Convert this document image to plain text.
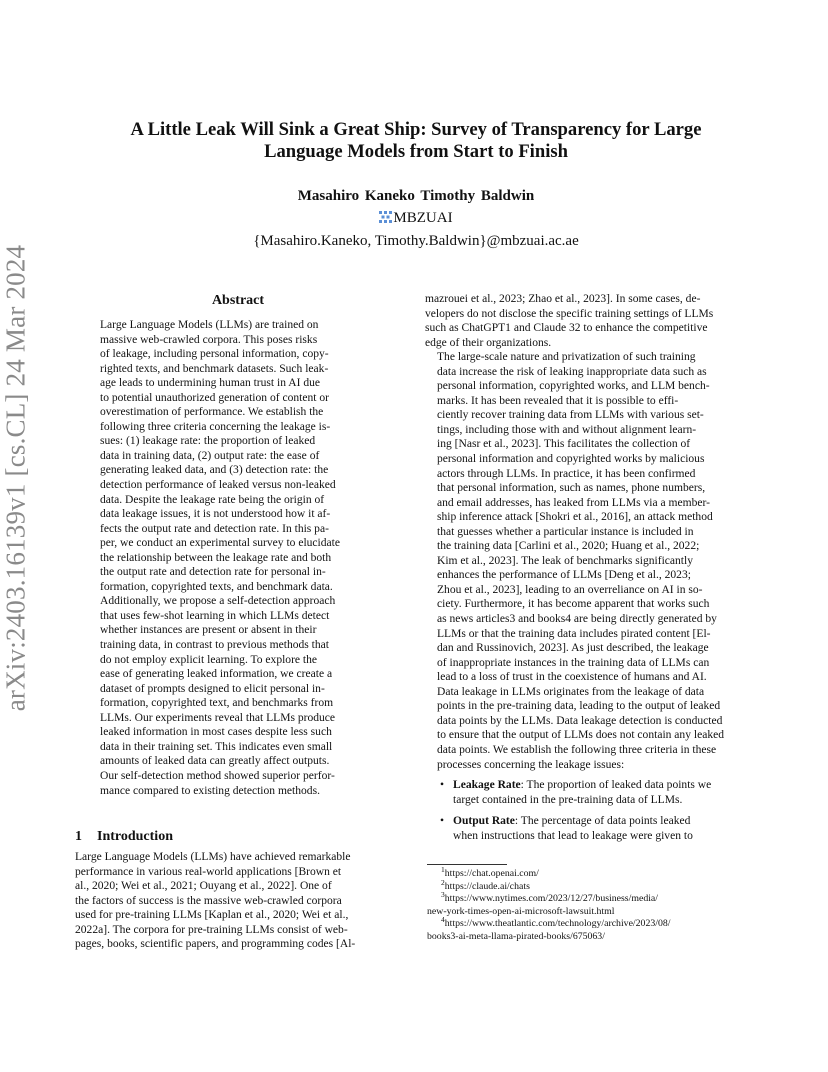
arXiv:2403.16139v1 [cs.CL] 24 Mar 2024
A Little Leak Will Sink a Great Ship: Survey of Transparency for Large
Language Models from Start to Finish
Masahiro Kaneko Timothy Baldwin
MBZUAI
{Masahiro.Kaneko, Timothy.Baldwin}@mbzuai.ac.ae
Abstract
Large Language Models (LLMs) are trained on
massive web-crawled corpora. This poses risks
of leakage, including personal information, copy-
righted texts, and benchmark datasets. Such leak-
age leads to undermining human trust in AI due
to potential unauthorized generation of content or
overestimation of performance. We establish the
following three criteria concerning the leakage is-
sues: (1) leakage rate: the proportion of leaked
data in training data, (2) output rate: the ease of
generating leaked data, and (3) detection rate: the
detection performance of leaked versus non-leaked
data. Despite the leakage rate being the origin of
data leakage issues, it is not understood how it af-
fects the output rate and detection rate. In this pa-
per, we conduct an experimental survey to elucidate
the relationship between the leakage rate and both
the output rate and detection rate for personal in-
formation, copyrighted texts, and benchmark data.
Additionally, we propose a self-detection approach
that uses few-shot learning in which LLMs detect
whether instances are present or absent in their
training data, in contrast to previous methods that
do not employ explicit learning. To explore the
ease of generating leaked information, we create a
dataset of prompts designed to elicit personal in-
formation, copyrighted text, and benchmarks from
LLMs. Our experiments reveal that LLMs produce
leaked information in most cases despite less such
data in their training set. This indicates even small
amounts of leaked data can greatly affect outputs.
Our self-detection method showed superior perfor-
mance compared to existing detection methods.
1 Introduction
Large Language Models (LLMs) have achieved remarkable
performance in various real-world applications [Brown et
al., 2020; Wei et al., 2021; Ouyang et al., 2022]. One of
the factors of success is the massive web-crawled corpora
used for pre-training LLMs [Kaplan et al., 2020; Wei et al.,
2022a]. The corpora for pre-training LLMs consist of web-
pages, books, scientific papers, and programming codes [Al-

mazrouei et al., 2023; Zhao et al., 2023]. In some cases, de-
velopers do not disclose the specific training settings of LLMs
such as ChatGPT1 and Claude 32 to enhance the competitive
edge of their organizations.

The large-scale nature and privatization of such training
data increase the risk of leaking inappropriate data such as
personal information, copyrighted works, and LLM bench-
marks. It has been revealed that it is possible to effi-
ciently recover training data from LLMs with various set-
tings, including those with and without alignment learn-
ing [Nasr et al., 2023]. This facilitates the collection of
personal information and copyrighted works by malicious
actors through LLMs. In practice, it has been confirmed
that personal information, such as names, phone numbers,
and email addresses, has leaked from LLMs via a member-
ship inference attack [Shokri et al., 2016], an attack method
that guesses whether a particular instance is included in
the training data [Carlini et al., 2020; Huang et al., 2022;
Kim et al., 2023]. The leak of benchmarks significantly
enhances the performance of LLMs [Deng et al., 2023;
Zhou et al., 2023], leading to an overreliance on AI in so-
ciety. Furthermore, it has become apparent that works such
as news articles3 and books4 are being directly generated by
LLMs or that the training data includes pirated content [El-
dan and Russinovich, 2023]. As just described, the leakage
of inappropriate instances in the training data of LLMs can
lead to a loss of trust in the coexistence of humans and AI.

Data leakage in LLMs originates from the leakage of data
points in the pre-training data, leading to the output of leaked
data points by the LLMs. Data leakage detection is conducted
to ensure that the output of LLMs does not contain any leaked
data points. We establish the following three criteria in these
processes concerning the leakage issues:

• Leakage Rate: The proportion of leaked data points we
target contained in the pre-training data of LLMs.
• Output Rate: The percentage of data points leaked
when instructions that lead to leakage were given to
$^1$https://chat.openai.com/
$^2$https://claude.ai/chats
$^3$https://www.nytimes.com/2023/12/27/business/media/
new-york-times-open-ai-microsoft-lawsuit.html
$^4$https://www.theatlantic.com/technology/archive/2023/08/
books3-ai-meta-llama-pirated-books/675063/
